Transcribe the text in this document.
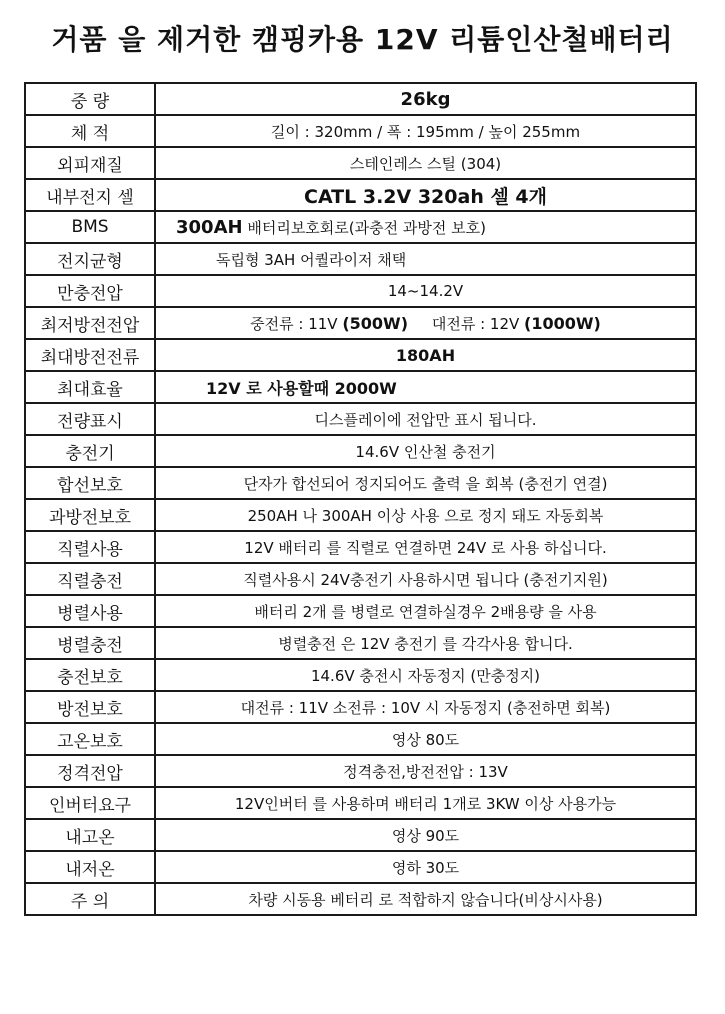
거품 을 제거한 캠핑카용 12V 리튬인산철배터리
중 량	26kg
체 적	길이 : 320mm / 폭 : 195mm / 높이 255mm
외피재질	스테인레스 스틸 (304)
내부전지 셀	CATL 3.2V 320ah 셀 4개
BMS	300AH 배터리보호회로(과충전 과방전 보호)
전지균형	독립형 3AH 어퀄라이저 채택
만충전압	14~14.2V
최저방전전압	중전류 : 11V (500W)     대전류 : 12V (1000W)
최대방전전류	180AH
최대효율	12V 로 사용할때 2000W
전량표시	디스플레이에 전압만 표시 됩니다.
충전기	14.6V 인산철 충전기
합선보호	단자가 합선되어 정지되어도 출력 을 회복 (충전기 연결)
과방전보호	250AH 나 300AH 이상 사용 으로 정지 돼도 자동회복
직렬사용	12V 배터리 를 직렬로 연결하면 24V 로 사용 하십니다.
직렬충전	직렬사용시 24V충전기 사용하시면 됩니다 (충전기지원)
병렬사용	배터리 2개 를 병렬로 연결하실경우 2배용량 을 사용
병렬충전	병렬충전 은 12V 충전기 를 각각사용 합니다.
충전보호	14.6V 충전시 자동정지 (만충정지)
방전보호	대전류 : 11V 소전류 : 10V 시 자동정지 (충전하면 회복)
고온보호	영상 80도
정격전압	정격충전,방전전압 : 13V
인버터요구	12V인버터 를 사용하며 배터리 1개로 3KW 이상 사용가능
내고온	영상 90도
내저온	영하 30도
주 의	차량 시동용 베터리 로 적합하지 않습니다(비상시사용)
